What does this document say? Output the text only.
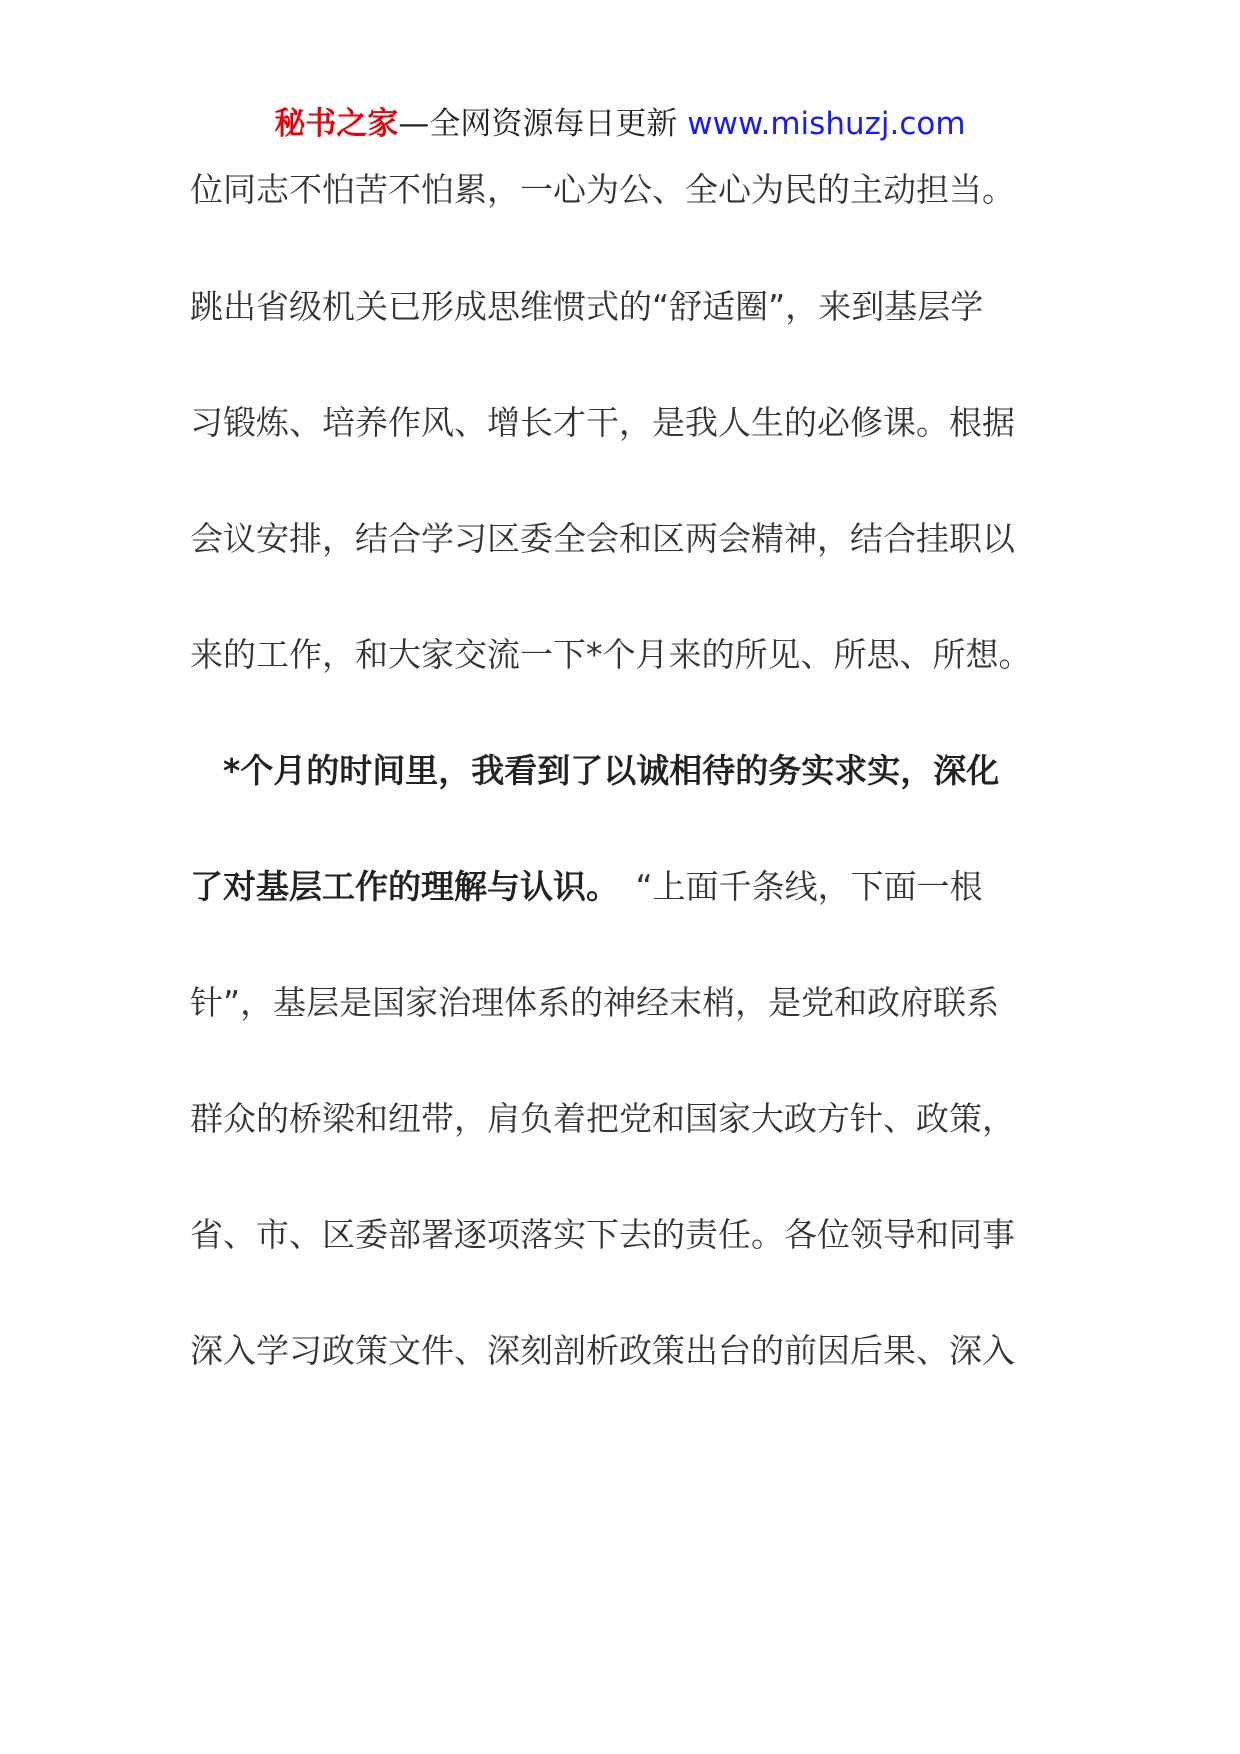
秘书之家—全网资源每日更新 www.mishuzj.com
位同志不怕苦不怕累，一心为公、全心为民的主动担当。
跳出省级机关已形成思维惯式的“舒适圈”，来到基层学
习锻炼、培养作风、增长才干，是我人生的必修课。根据
会议安排，结合学习区委全会和区两会精神，结合挂职以
来的工作，和大家交流一下*个月来的所见、所思、所想。
　*个月的时间里，我看到了以诚相待的务实求实，深化
了对基层工作的理解与认识。　“上面千条线，下面一根
针”，基层是国家治理体系的神经末梢，是党和政府联系
群众的桥梁和纽带，肩负着把党和国家大政方针、政策，
省、市、区委部署逐项落实下去的责任。各位领导和同事
深入学习政策文件、深刻剖析政策出台的前因后果、深入
